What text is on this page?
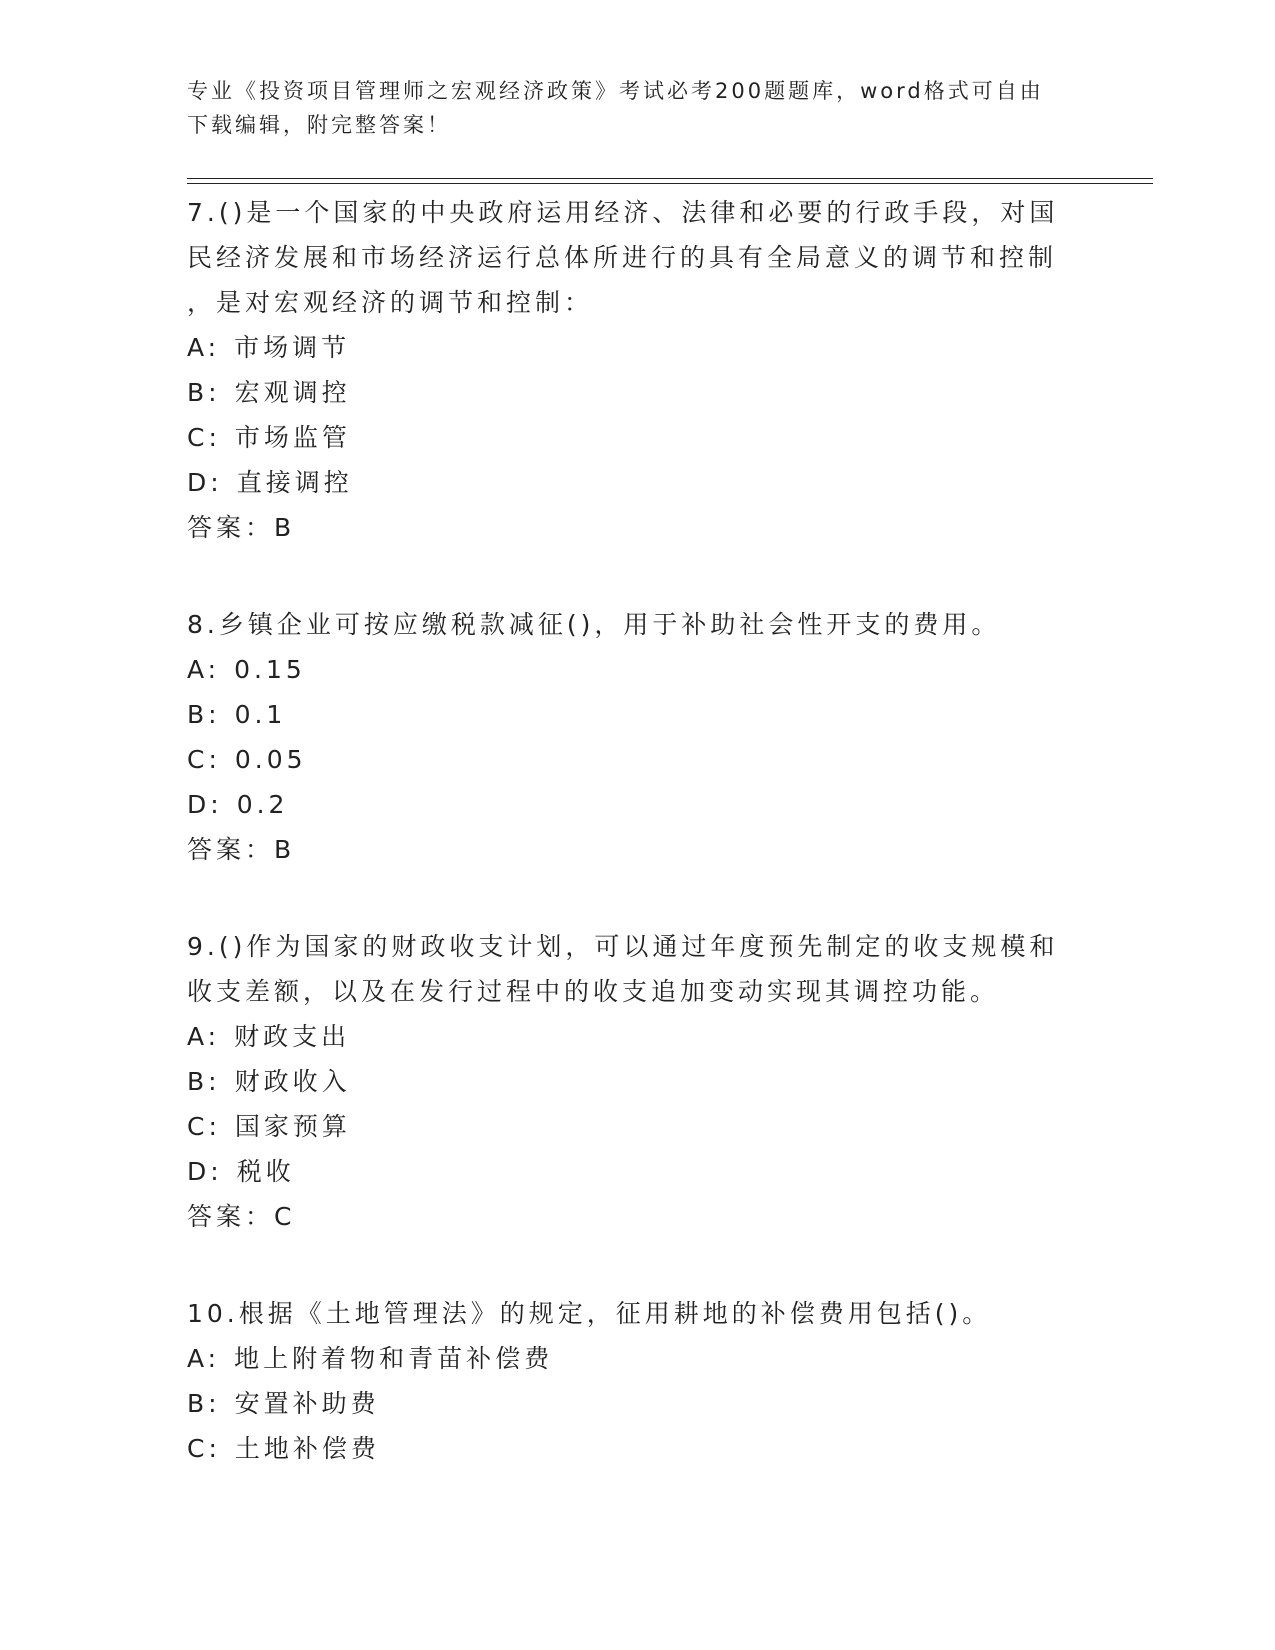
专业《投资项目管理师之宏观经济政策》考试必考200题题库，word格式可自由
下载编辑，附完整答案！
7.()是一个国家的中央政府运用经济、法律和必要的行政手段，对国
民经济发展和市场经济运行总体所进行的具有全局意义的调节和控制
，是对宏观经济的调节和控制：
A: 市场调节
B: 宏观调控
C: 市场监管
D: 直接调控
答案：B
8.乡镇企业可按应缴税款减征()，用于补助社会性开支的费用。
A: 0.15
B: 0.1
C: 0.05
D: 0.2
答案：B
9.()作为国家的财政收支计划，可以通过年度预先制定的收支规模和
收支差额，以及在发行过程中的收支追加变动实现其调控功能。
A: 财政支出
B: 财政收入
C: 国家预算
D: 税收
答案：C
10.根据《土地管理法》的规定，征用耕地的补偿费用包括()。
A: 地上附着物和青苗补偿费
B: 安置补助费
C: 土地补偿费
